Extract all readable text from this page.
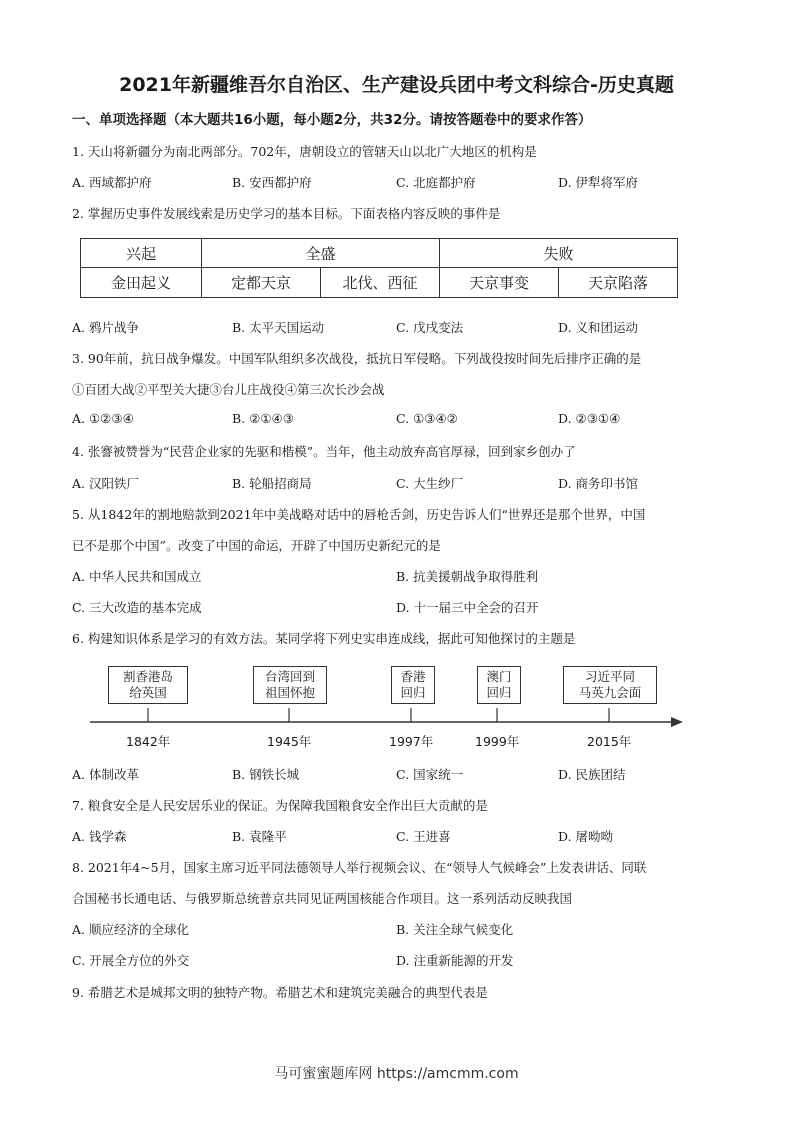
2021年新疆维吾尔自治区、生产建设兵团中考文科综合-历史真题
一、单项选择题（本大题共16小题，每小题2分，共32分。请按答题卷中的要求作答）
1. 天山将新疆分为南北两部分。702年，唐朝设立的管辖天山以北广大地区的机构是
A. 西域都护府	B. 安西都护府	C. 北庭都护府	D. 伊犁将军府
2. 掌握历史事件发展线索是历史学习的基本目标。下面表格内容反映的事件是
兴起	全盛		失败	
金田起义	定都天京	北伐、西征	天京事变	天京陷落
A. 鸦片战争	B. 太平天国运动	C. 戊戌变法	D. 义和团运动
3. 90年前，抗日战争爆发。中国军队组织多次战役，抵抗日军侵略。下列战役按时间先后排序正确的是
①百团大战②平型关大捷③台儿庄战役④第三次长沙会战
A. ①②③④	B. ②①④③	C. ①③④②	D. ②③①④
4. 张謇被赞誉为“民营企业家的先驱和楷模”。当年，他主动放弃高官厚禄，回到家乡创办了
A. 汉阳铁厂	B. 轮船招商局	C. 大生纱厂	D. 商务印书馆
5. 从1842年的割地赔款到2021年中美战略对话中的唇枪舌剑，历史告诉人们“世界还是那个世界，中国
已不是那个中国”。改变了中国的命运，开辟了中国历史新纪元的是
A. 中华人民共和国成立	B. 抗美援朝战争取得胜利
C. 三大改造的基本完成	D. 十一届三中全会的召开
6. 构建知识体系是学习的有效方法。某同学将下列史实串连成线，据此可知他探讨的主题是
割香港岛
给英国
台湾回到
祖国怀抱
香港
回归
澳门
回归
习近平同
马英九会面
1842年	1945年	1997年	1999年	2015年
A. 体制改革	B. 钢铁长城	C. 国家统一	D. 民族团结
7. 粮食安全是人民安居乐业的保证。为保障我国粮食安全作出巨大贡献的是
A. 钱学森	B. 袁隆平	C. 王进喜	D. 屠呦呦
8. 2021年4~5月，国家主席习近平同法德领导人举行视频会议、在“领导人气候峰会”上发表讲话、同联
合国秘书长通电话、与俄罗斯总统普京共同见证两国核能合作项目。这一系列活动反映我国
A. 顺应经济的全球化	B. 关注全球气候变化
C. 开展全方位的外交	D. 注重新能源的开发
9. 希腊艺术是城邦文明的独特产物。希腊艺术和建筑完美融合的典型代表是
马可蜜蜜题库网 https://amcmm.com
